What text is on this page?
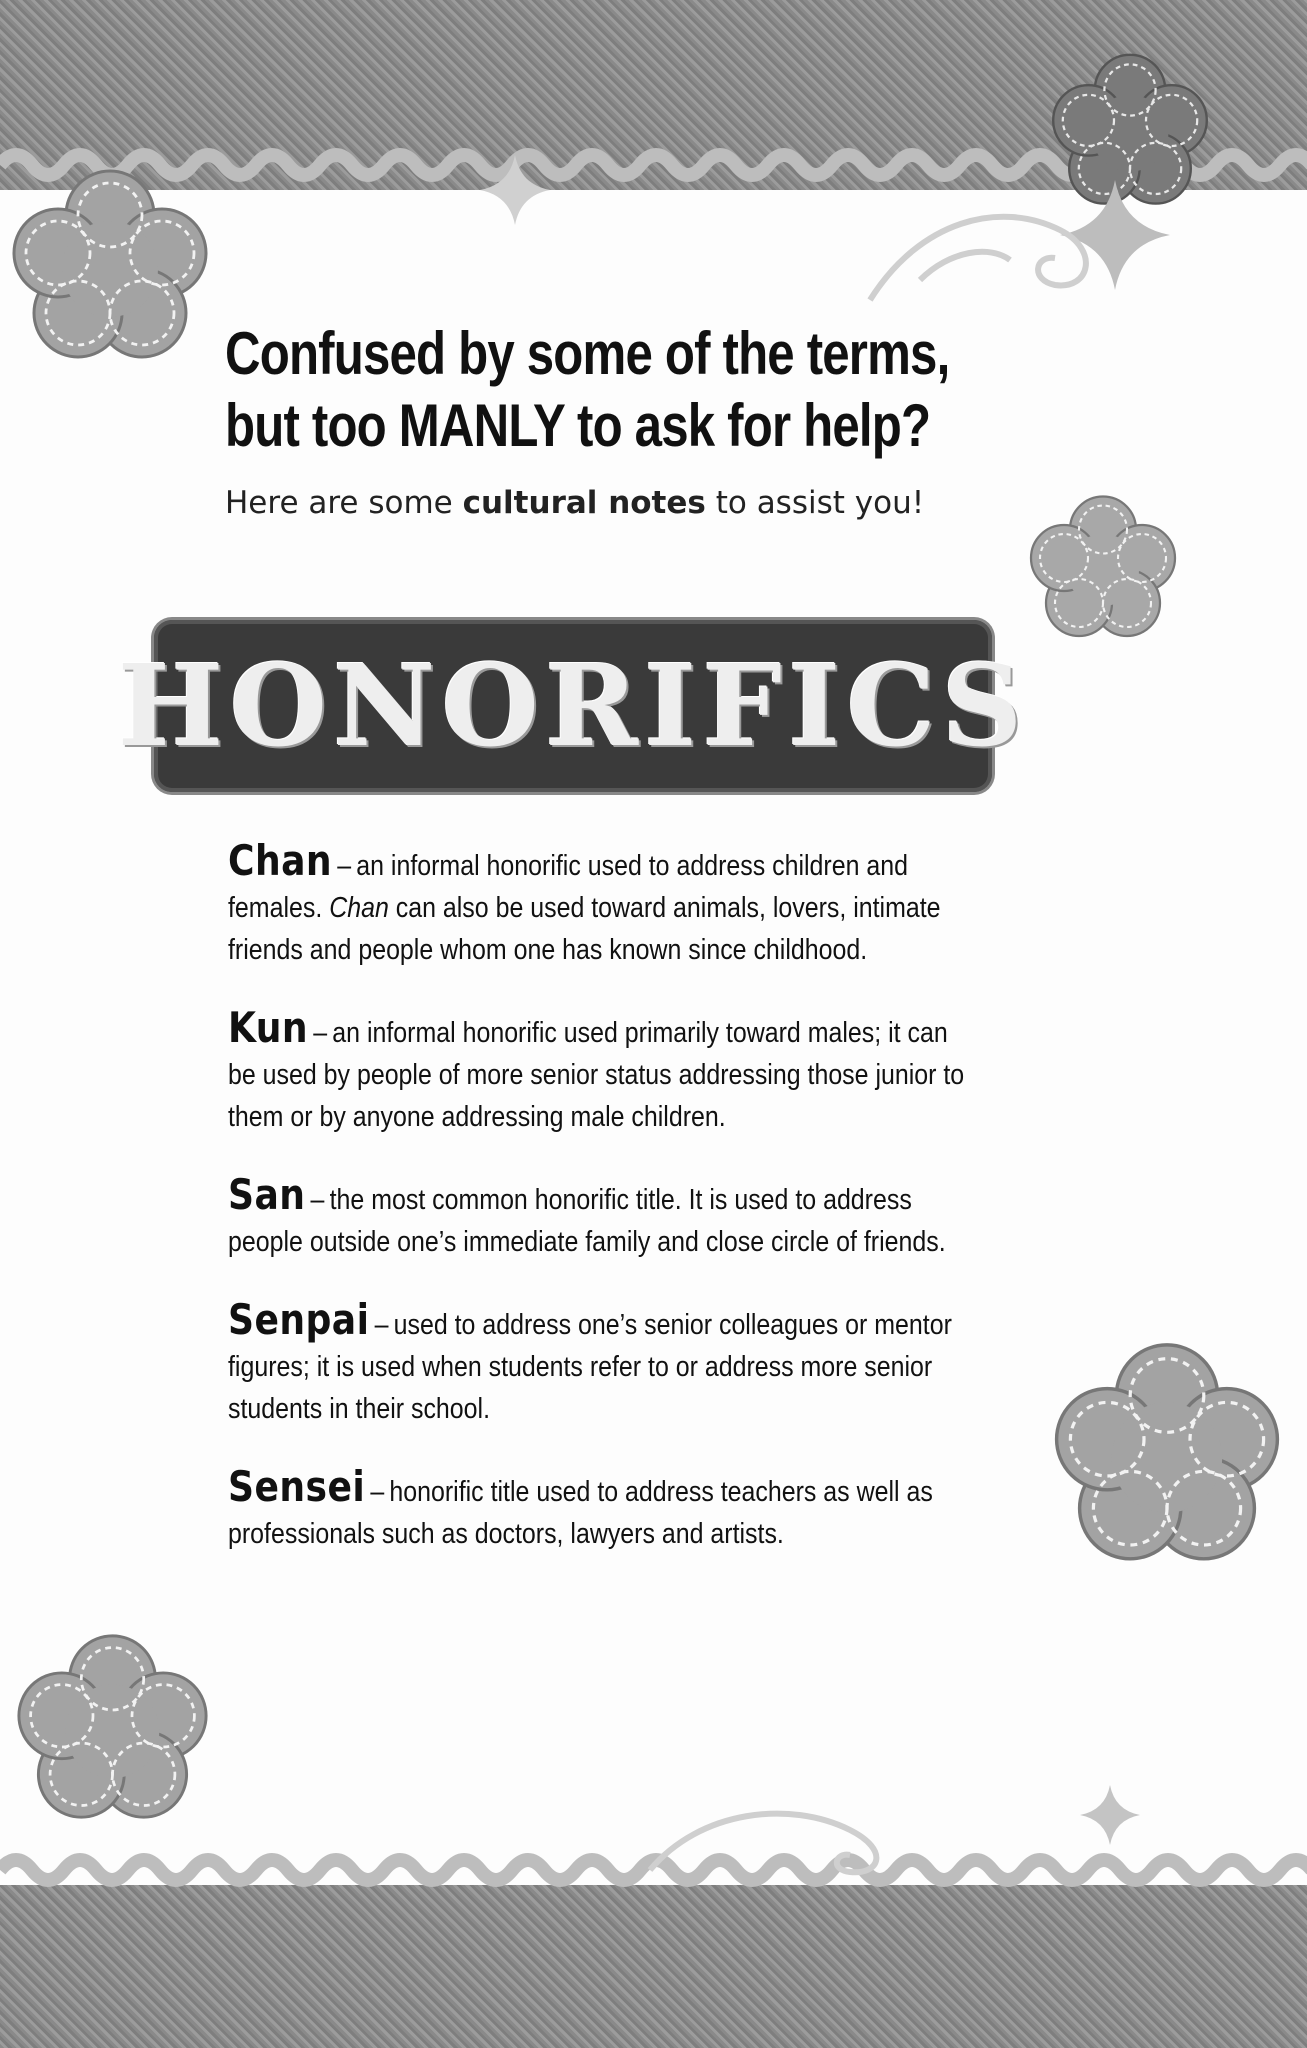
Confused by some of the terms,
but too MANLY to ask for help?

Here are some cultural notes to assist you!

HONORIFICS
Chan – an informal honorific used to address children and
females. Chan can also be used toward animals, lovers, intimate
friends and people whom one has known since childhood.
Kun – an informal honorific used primarily toward males; it can
be used by people of more senior status addressing those junior to
them or by anyone addressing male children.
San – the most common honorific title. It is used to address
people outside one’s immediate family and close circle of friends.
Senpai – used to address one’s senior colleagues or mentor
figures; it is used when students refer to or address more senior
students in their school.
Sensei – honorific title used to address teachers as well as
professionals such as doctors, lawyers and artists.
